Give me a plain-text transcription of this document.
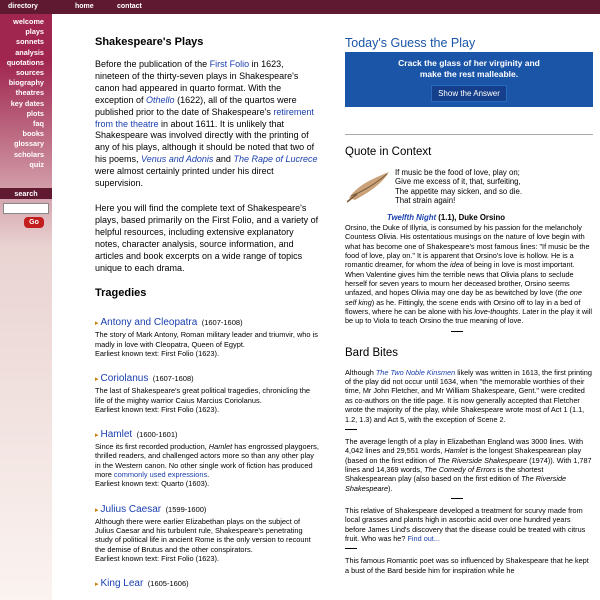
directory	home	contact
welcome
plays
sonnets
analysis
quotations
sources
biography
theatres
key dates
plots
faq
books
glossary
scholars
quiz
search
Go
Shakespeare's Plays

Before the publication of the First Folio in 1623, nineteen of the thirty-seven plays in Shakespeare's canon had appeared in quarto format. With the exception of Othello (1622), all of the quartos were published prior to the date of Shakespeare's retirement from the theatre in about 1611. It is unlikely that Shakespeare was involved directly with the printing of any of his plays, although it should be noted that two of his poems, Venus and Adonis and The Rape of Lucrece were almost certainly printed under his direct supervision.

Here you will find the complete text of Shakespeare's plays, based primarily on the First Folio, and a variety of helpful resources, including extensive explanatory notes, character analysis, source information, and articles and book excerpts on a wide range of topics unique to each drama.

Tragedies
▸ Antony and Cleopatra (1607-1608)
The story of Mark Antony, Roman military leader and triumvir, who is madly in love with Cleopatra, Queen of Egypt.
Earliest known text: First Folio (1623).
▸ Coriolanus (1607-1608)
The last of Shakespeare's great political tragedies, chronicling the life of the mighty warrior Caius Marcius Coriolanus.
Earliest known text: First Folio (1623).
▸ Hamlet (1600-1601)
Since its first recorded production, Hamlet has engrossed playgoers, thrilled readers, and challenged actors more so than any other play in the Western canon. No other single work of fiction has produced more commonly used expressions.
Earliest known text: Quarto (1603).
▸ Julius Caesar (1599-1600)
Although there were earlier Elizabethan plays on the subject of Julius Caesar and his turbulent rule, Shakespeare's penetrating study of political life in ancient Rome is the only version to recount the demise of Brutus and the other conspirators.
Earliest known text: First Folio (1623).
▸ King Lear (1605-1606)
Today's Guess the Play
Crack the glass of her virginity and
make the rest malleable.
Show the Answer
Quote in Context
If music be the food of love, play on;
Give me excess of it, that, surfeiting,
The appetite may sicken, and so die.
That strain again!
Twelfth Night (1.1), Duke Orsino
Orsino, the Duke of Illyria, is consumed by his passion for the melancholy Countess Olivia. His ostentatious musings on the nature of love begin with what has become one of Shakespeare's most famous lines: "If music be the food of love, play on." It is apparent that Orsino's love is hollow. He is a romantic dreamer, for whom the idea of being in love is most important. When Valentine gives him the terrible news that Olivia plans to seclude herself for seven years to mourn her deceased brother, Orsino seems unfazed, and hopes Olivia may one day be as bewitched by love (the one self king) as he. Fittingly, the scene ends with Orsino off to lay in a bed of flowers, where he can be alone with his love-thoughts. Later in the play it will be up to Viola to teach Orsino the true meaning of love.
Bard Bites
Although The Two Noble Kinsmen likely was written in 1613, the first printing of the play did not occur until 1634, when "the memorable worthies of their time, Mr John Fletcher, and Mr William Shakespeare, Gent." were credited as co-authors on the title page. It is now generally accepted that Fletcher wrote the majority of the play, while Shakespeare wrote most of Act 1 (1.1, 1.2, 1.3) and Act 5, with the exception of Scene 2.
The average length of a play in Elizabethan England was 3000 lines. With 4,042 lines and 29,551 words, Hamlet is the longest Shakespearean play (based on the first edition of The Riverside Shakespeare (1974)). With 1,787 lines and 14,369 words, The Comedy of Errors is the shortest Shakespearean play (also based on the first edition of The Riverside Shakespeare).
This relative of Shakespeare developed a treatment for scurvy made from local grasses and plants high in ascorbic acid over one hundred years before James Lind's discovery that the disease could be treated with citrus fruit. Who was he? Find out...
This famous Romantic poet was so influenced by Shakespeare that he kept a bust of the Bard beside him for inspiration while he
